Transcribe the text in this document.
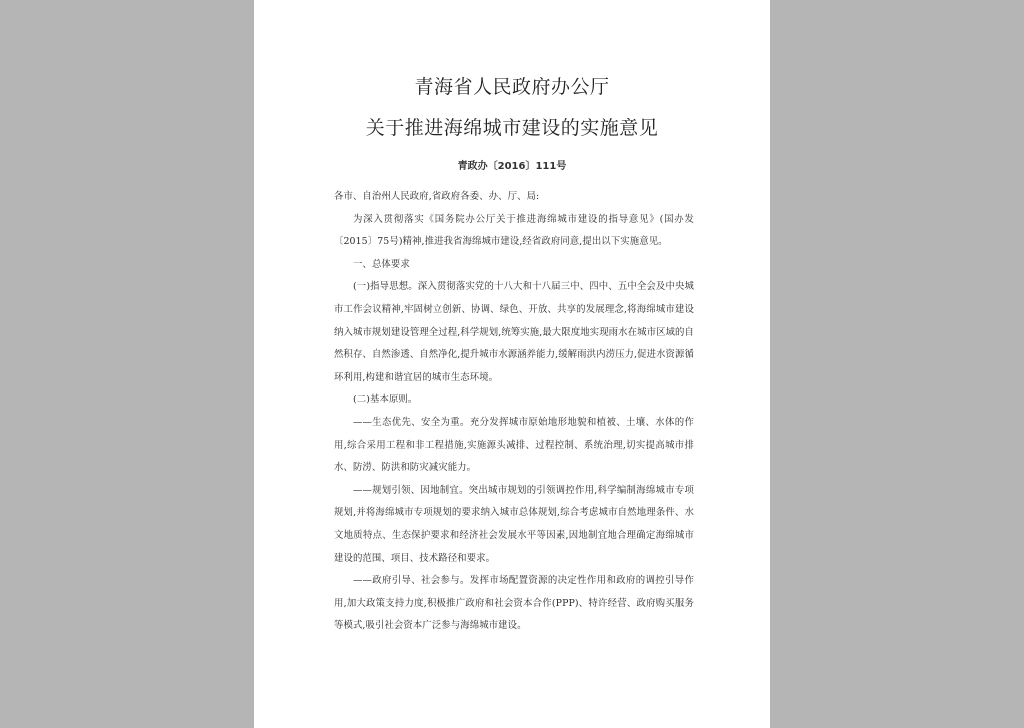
青海省人民政府办公厅
关于推进海绵城市建设的实施意见
青政办〔2016〕111号

各市、自治州人民政府,省政府各委、办、厅、局:

为深入贯彻落实《国务院办公厅关于推进海绵城市建设的指导意见》(国办发〔2015〕75号)精神,推进我省海绵城市建设,经省政府同意,提出以下实施意见。

一、总体要求

(一)指导思想。深入贯彻落实党的十八大和十八届三中、四中、五中全会及中央城市工作会议精神,牢固树立创新、协调、绿色、开放、共享的发展理念,将海绵城市建设纳入城市规划建设管理全过程,科学规划,统筹实施,最大限度地实现雨水在城市区域的自然积存、自然渗透、自然净化,提升城市水源涵养能力,缓解雨洪内涝压力,促进水资源循环利用,构建和谐宜居的城市生态环境。

(二)基本原则。

——生态优先、安全为重。充分发挥城市原始地形地貌和植被、土壤、水体的作用,综合采用工程和非工程措施,实施源头减排、过程控制、系统治理,切实提高城市排水、防涝、防洪和防灾减灾能力。

——规划引领、因地制宜。突出城市规划的引领调控作用,科学编制海绵城市专项规划,并将海绵城市专项规划的要求纳入城市总体规划,综合考虑城市自然地理条件、水文地质特点、生态保护要求和经济社会发展水平等因素,因地制宜地合理确定海绵城市建设的范围、项目、技术路径和要求。

——政府引导、社会参与。发挥市场配置资源的决定性作用和政府的调控引导作用,加大政策支持力度,积极推广政府和社会资本合作(PPP)、特许经营、政府购买服务等模式,吸引社会资本广泛参与海绵城市建设。
